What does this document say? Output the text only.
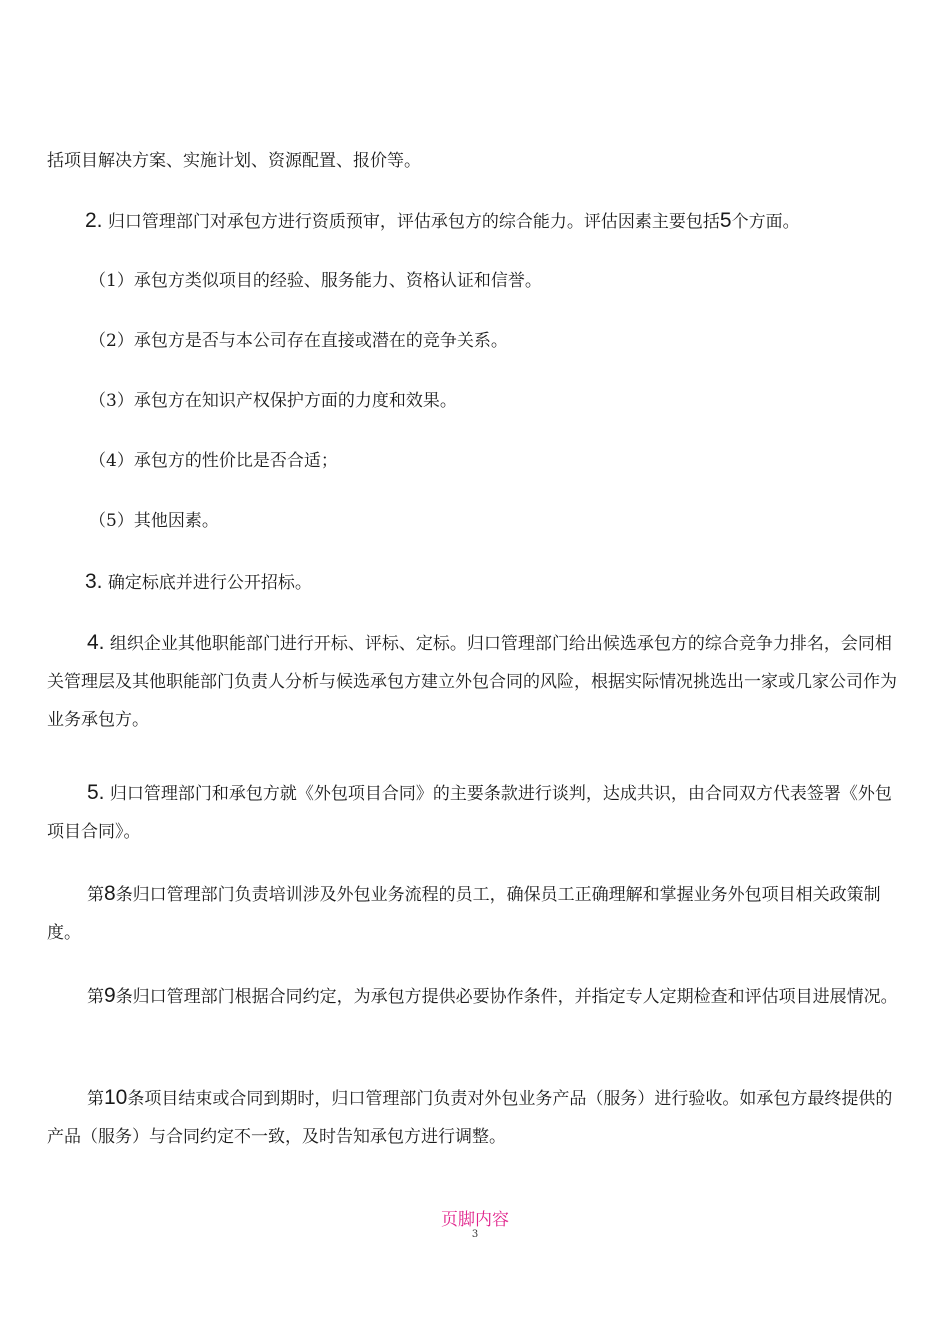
括项目解决方案、实施计划、资源配置、报价等。
2. 归口管理部门对承包方进行资质预审，评估承包方的综合能力。评估因素主要包括5个方面。
（1）承包方类似项目的经验、服务能力、资格认证和信誉。
（2）承包方是否与本公司存在直接或潜在的竞争关系。
（3）承包方在知识产权保护方面的力度和效果。
（4）承包方的性价比是否合适；
（5）其他因素。
3. 确定标底并进行公开招标。
4. 组织企业其他职能部门进行开标、评标、定标。归口管理部门给出候选承包方的综合竞争力排名，会同相关管理层及其他职能部门负责人分析与候选承包方建立外包合同的风险，根据实际情况挑选出一家或几家公司作为业务承包方。
5. 归口管理部门和承包方就《外包项目合同》的主要条款进行谈判，达成共识，由合同双方代表签署《外包项目合同》。
第8条归口管理部门负责培训涉及外包业务流程的员工，确保员工正确理解和掌握业务外包项目相关政策制度。
第9条归口管理部门根据合同约定，为承包方提供必要协作条件，并指定专人定期检查和评估项目进展情况。
第10条项目结束或合同到期时，归口管理部门负责对外包业务产品（服务）进行验收。如承包方最终提供的产品（服务）与合同约定不一致，及时告知承包方进行调整。
页脚内容
3
